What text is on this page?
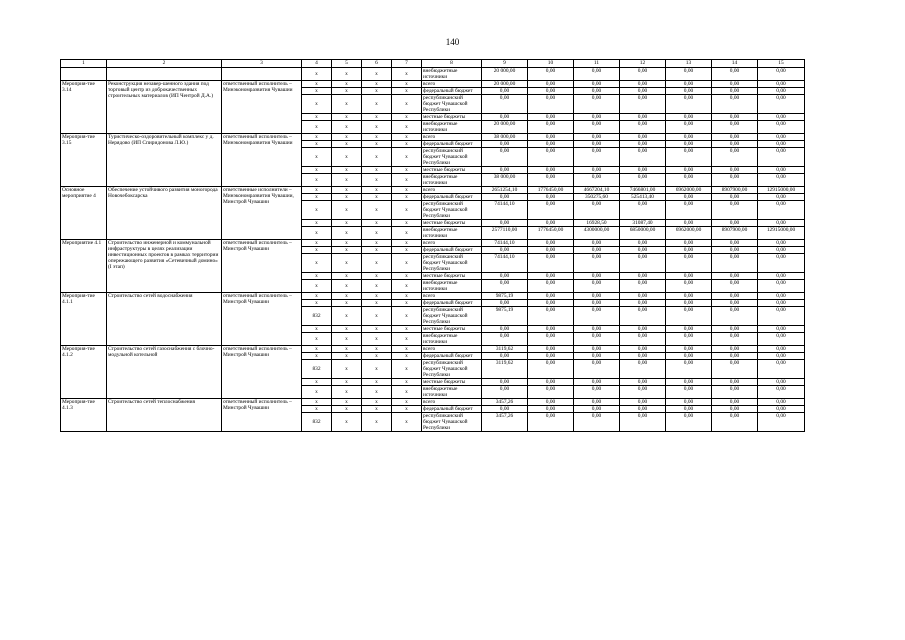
140
1	2	3	4	5	6	7	8	9	10	11	12	13	14	15
			x	x	x	x	внебюджетные источники	20 000,00	0,00	0,00	0,00	0,00	0,00	0,00
Мероприя-тие 3.14	Реконструкция незавер-шенного здания под торговый центр из доброкачественных строительных материалов (ИП Чентрой Д.А.)	ответственный исполнитель – Минэкономразвития Чувашии	x	x	x	x	всего	20 000,00	0,00	0,00	0,00	0,00	0,00	0,00
			x	x	x	x	федеральный бюджет	0,00	0,00	0,00	0,00	0,00	0,00	0,00
			x	x	x	x	республиканский бюджет Чувашской Республики	0,00	0,00	0,00	0,00	0,00	0,00	0,00
			x	x	x	x	местные бюджеты	0,00	0,00	0,00	0,00	0,00	0,00	0,00
			x	x	x	x	внебюджетные источники	20 000,00	0,00	0,00	0,00	0,00	0,00	0,00
Мероприя-тие 3.15	Туристическо-оздоровительный комплекс у д. Нерядово (ИП Спиридонова Л.Ю.)	ответственный исполнитель – Минэкономразвития Чувашии	x	x	x	x	всего	38 000,00	0,00	0,00	0,00	0,00	0,00	0,00
			x	x	x	x	федеральный бюджет	0,00	0,00	0,00	0,00	0,00	0,00	0,00
			x	x	x	x	республиканский бюджет Чувашской Республики	0,00	0,00	0,00	0,00	0,00	0,00	0,00
			x	x	x	x	местные бюджеты	0,00	0,00	0,00	0,00	0,00	0,00	0,00
			x	x	x	x	внебюджетные источники	38 000,00	0,00	0,00	0,00	0,00	0,00	0,00
Основное мероприятие 4	Обеспечение устойчивого развития моногорода Новочебоксарска	ответственные исполнители – Минэкономразвития Чувашии, Минстрой Чувашии	x	x	x	x	всего	2651254,10	1776450,00	4667204,10	7466801,00	6962000,00	8907900,00	12915000,00
			x	x	x	x	федеральный бюджет	0,00	0,00	350275,60	525413,40	0,00	0,00	0,00
			x	x	x	x	республиканский бюджет Чувашской Республики	74144,10	0,00	0,00	0,00	0,00	0,00	0,00
			x	x	x	x	местные бюджеты	0,00	0,00	16928,50	31087,40	0,00	0,00	0,00
			x	x	x	x	внебюджетные источники	2577110,00	1776450,00	4300000,00	6850000,00	6962000,00	8907900,00	12915000,00
Мероприятие 4.1	Строительство инженерной и коммунальной инфраструктуры в целях реализации инвестиционных проектов в рамках территории опережающего развития «Сетевичный домино» (I этап)	ответственный исполнитель – Минстрой Чувашии	x	x	x	x	всего	74144,10	0,00	0,00	0,00	0,00	0,00	0,00
			x	x	x	x	федеральный бюджет	0,00	0,00	0,00	0,00	0,00	0,00	0,00
			x	x	x	x	республиканский бюджет Чувашской Республики	74144,10	0,00	0,00	0,00	0,00	0,00	0,00
			x	x	x	x	местные бюджеты	0,00	0,00	0,00	0,00	0,00	0,00	0,00
			x	x	x	x	внебюджетные источники	0,00	0,00	0,00	0,00	0,00	0,00	0,00
Мероприя-тие 4.1.1	Строительство сетей водоснабжения	ответственный исполнитель – Минстрой Чувашии	x	x	x	x	всего	9875,19	0,00	0,00	0,00	0,00	0,00	0,00
			x	x	x	x	федеральный бюджет	0,00	0,00	0,00	0,00	0,00	0,00	0,00
			832	x	x	x	республиканский бюджет Чувашской Республики	9875,19	0,00	0,00	0,00	0,00	0,00	0,00
			x	x	x	x	местные бюджеты	0,00	0,00	0,00	0,00	0,00	0,00	0,00
			x	x	x	x	внебюджетные источники	0,00	0,00	0,00	0,00	0,00	0,00	0,00
Мероприя-тие 4.1.2	Строительство сетей газоснабжения с блочно-модульной котельной	ответственный исполнитель – Минстрой Чувашии	x	x	x	x	всего	3119,62	0,00	0,00	0,00	0,00	0,00	0,00
			x	x	x	x	федеральный бюджет	0,00	0,00	0,00	0,00	0,00	0,00	0,00
			832	x	x	x	республиканский бюджет Чувашской Республики	3119,62	0,00	0,00	0,00	0,00	0,00	0,00
			x	x	x	x	местные бюджеты	0,00	0,00	0,00	0,00	0,00	0,00	0,00
			x	x	x	x	внебюджетные источники	0,00	0,00	0,00	0,00	0,00	0,00	0,00
Мероприя-тие 4.1.3	Строительство сетей теплоснабжения	ответственный исполнитель – Минстрой Чувашии	x	x	x	x	всего	3457,26	0,00	0,00	0,00	0,00	0,00	0,00
			x	x	x	x	федеральный бюджет	0,00	0,00	0,00	0,00	0,00	0,00	0,00
			832	x	x	x	республиканский бюджет Чувашской Республики	3457,26	0,00	0,00	0,00	0,00	0,00	0,00
